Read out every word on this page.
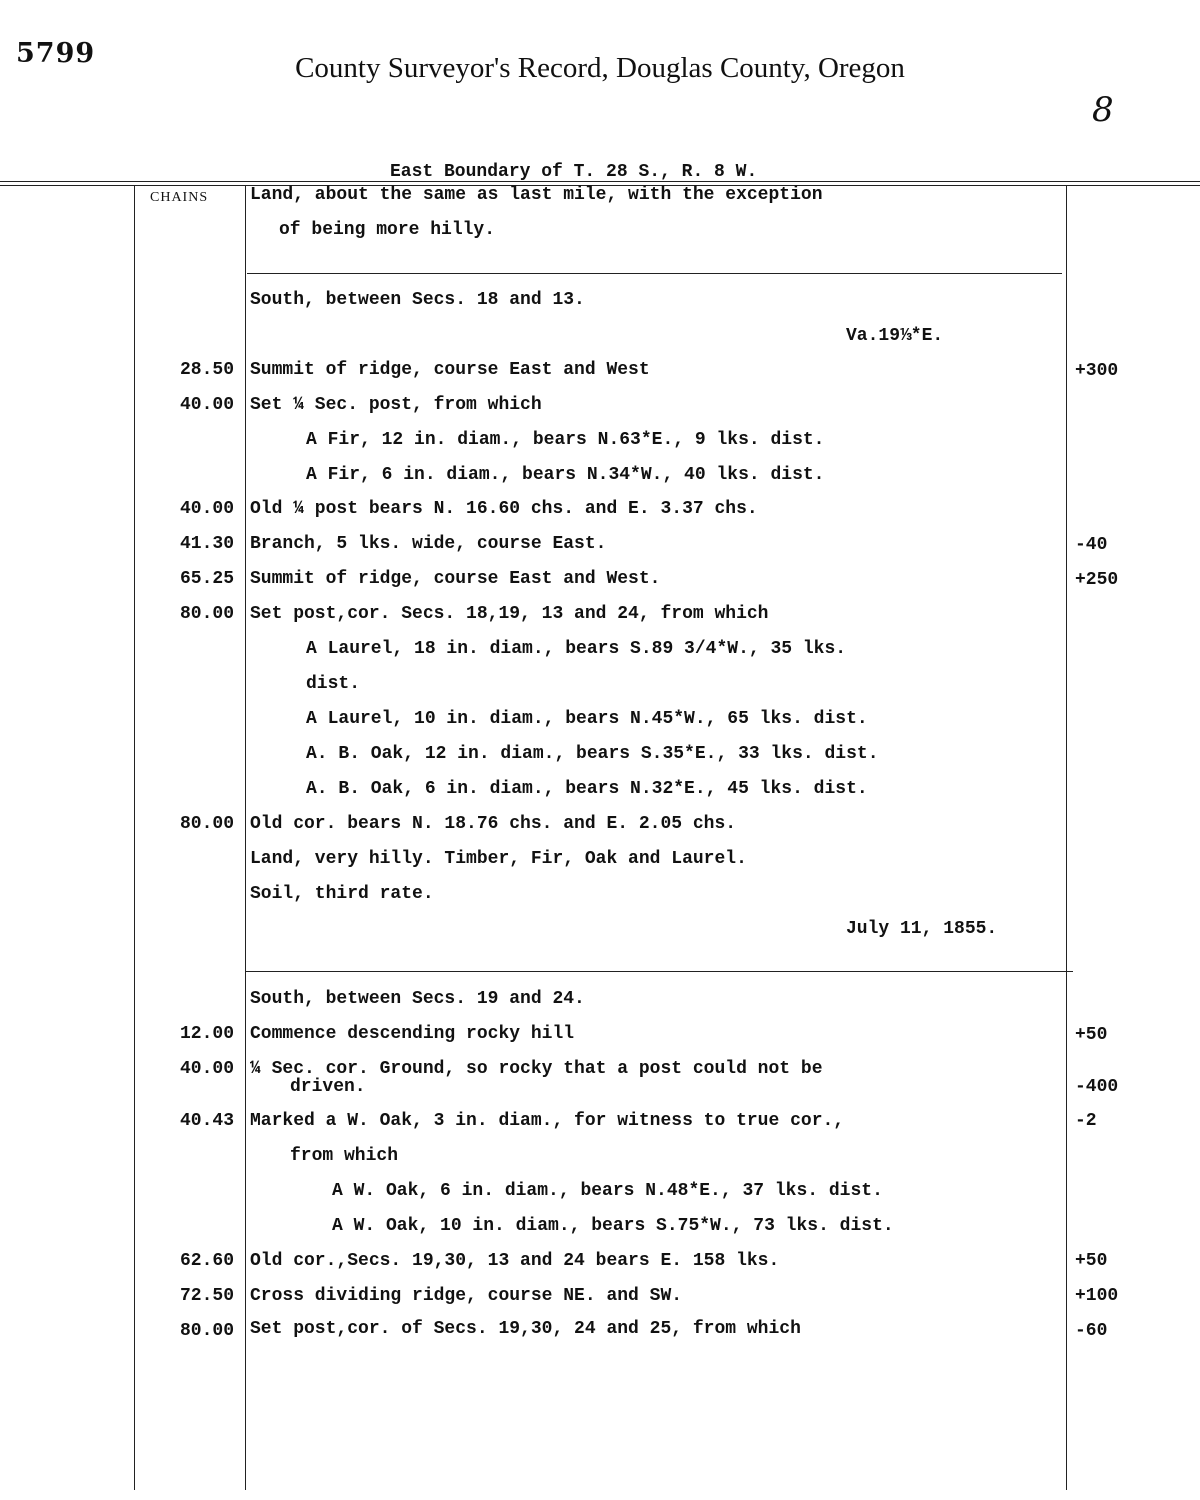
5799	County Surveyor's Record, Douglas County, Oregon
8
East Boundary of T. 28 S., R. 8 W.
CHAINS Land, about the same as last mile, with the exception
of being more hilly.
South, between Secs. 18 and 13.
Va.19⅓*E.
28.50 Summit of ridge, course East and West	+300
40.00 Set ¼ Sec. post, from which
A Fir, 12 in. diam., bears N.63*E., 9 lks. dist.
A Fir, 6 in. diam., bears N.34*W., 40 lks. dist.
40.00 Old ¼ post bears N. 16.60 chs. and E. 3.37 chs.
41.30 Branch, 5 lks. wide, course East.	-40
65.25 Summit of ridge, course East and West.	+250
80.00 Set post,cor. Secs. 18,19, 13 and 24, from which
A Laurel, 18 in. diam., bears S.89 3/4*W., 35 lks.
dist.
A Laurel, 10 in. diam., bears N.45*W., 65 lks. dist.
A. B. Oak, 12 in. diam., bears S.35*E., 33 lks. dist.
A. B. Oak, 6 in. diam., bears N.32*E., 45 lks. dist.
80.00 Old cor. bears N. 18.76 chs. and E. 2.05 chs.
Land, very hilly. Timber, Fir, Oak and Laurel.
Soil, third rate.
July 11, 1855.
South, between Secs. 19 and 24.
12.00 Commence descending rocky hill	+50
40.00 ¼ Sec. cor. Ground, so rocky that a post could not be
driven.	-400
40.43 Marked a W. Oak, 3 in. diam., for witness to true cor.,	-2
from which
A W. Oak, 6 in. diam., bears N.48*E., 37 lks. dist.
A W. Oak, 10 in. diam., bears S.75*W., 73 lks. dist.
62.60 Old cor.,Secs. 19,30, 13 and 24 bears E. 158 lks.	+50
72.50 Cross dividing ridge, course NE. and SW.	+100
80.00 Set post,cor. of Secs. 19,30, 24 and 25, from which	-60
